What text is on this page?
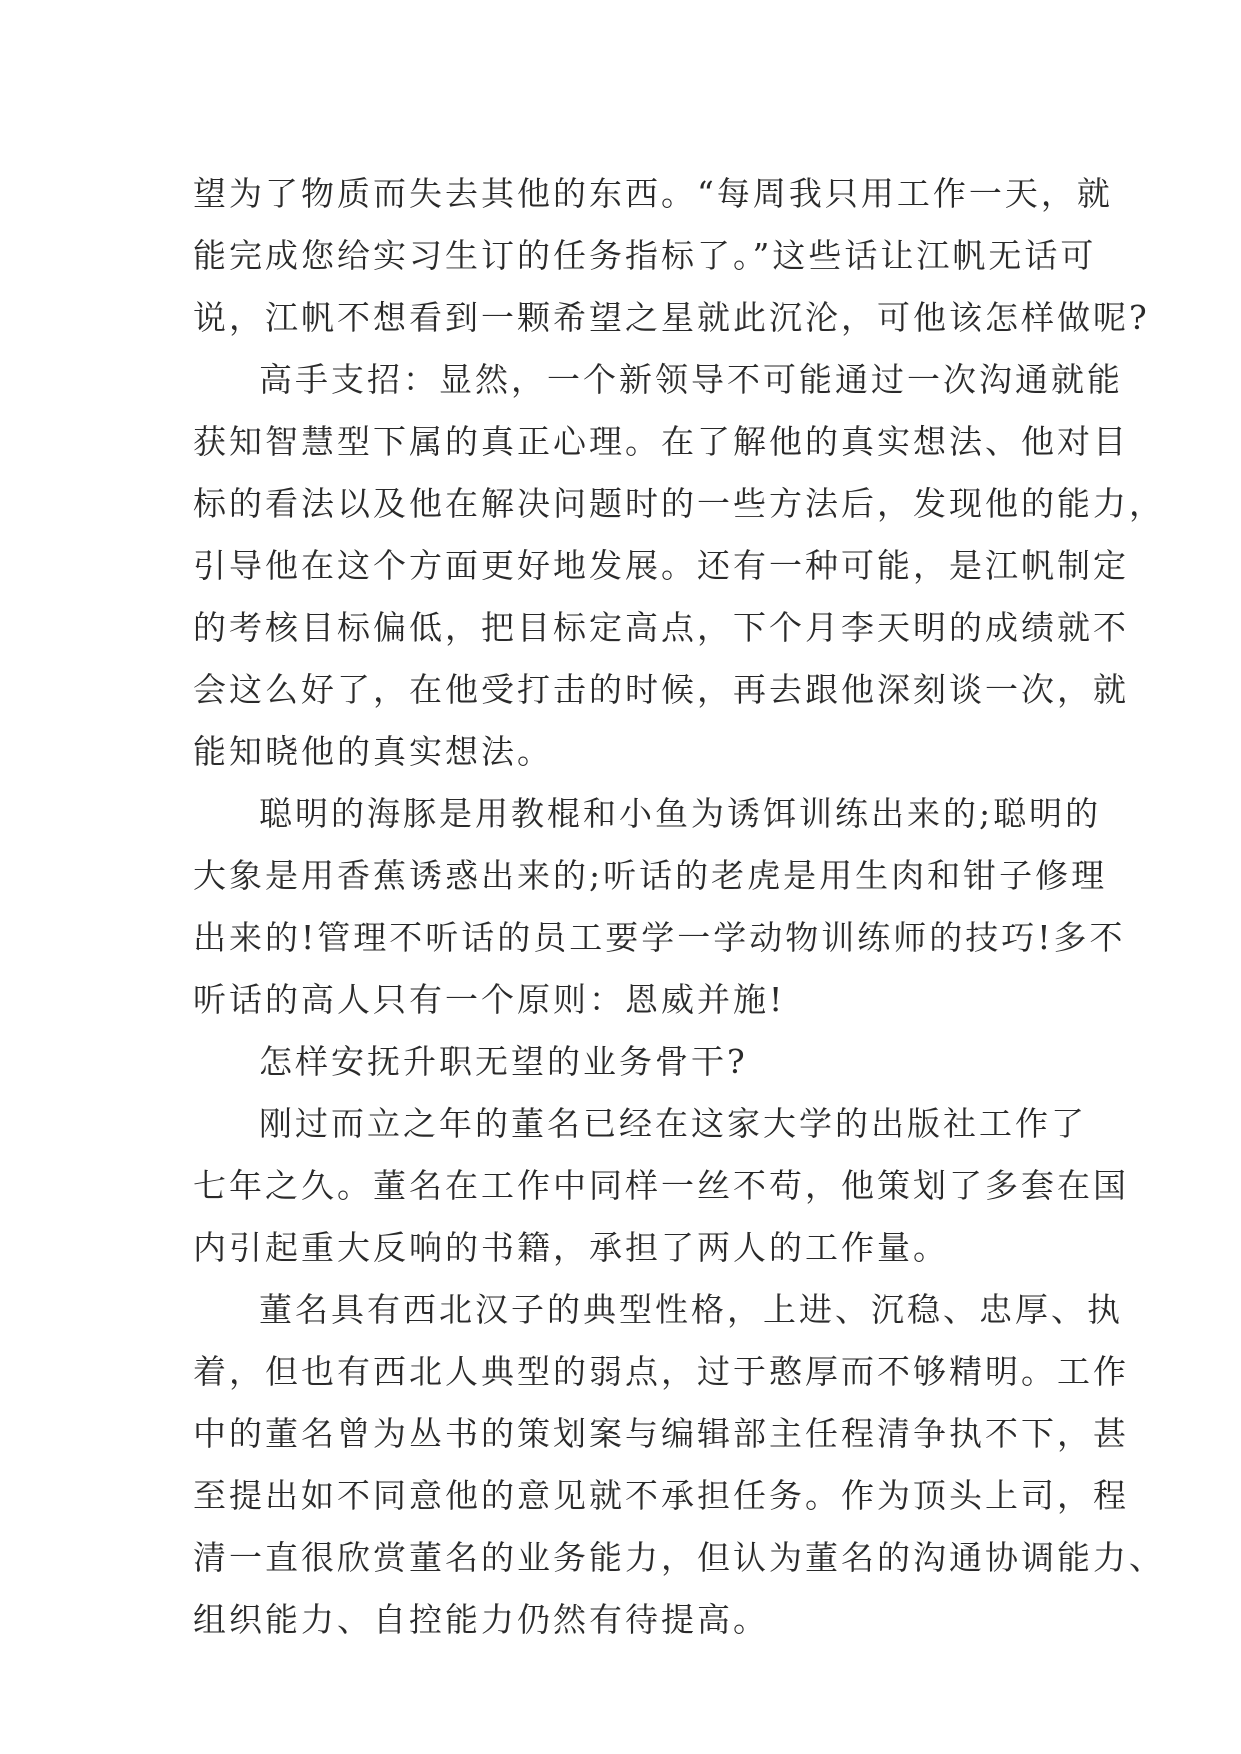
望为了物质而失去其他的东西。“每周我只用工作一天，就
能完成您给实习生订的任务指标了。”这些话让江帆无话可
说，江帆不想看到一颗希望之星就此沉沦，可他该怎样做呢?
高手支招：显然，一个新领导不可能通过一次沟通就能
获知智慧型下属的真正心理。在了解他的真实想法、他对目
标的看法以及他在解决问题时的一些方法后，发现他的能力，
引导他在这个方面更好地发展。还有一种可能，是江帆制定
的考核目标偏低，把目标定高点，下个月李天明的成绩就不
会这么好了，在他受打击的时候，再去跟他深刻谈一次，就
能知晓他的真实想法。
聪明的海豚是用教棍和小鱼为诱饵训练出来的;聪明的
大象是用香蕉诱惑出来的;听话的老虎是用生肉和钳子修理
出来的!管理不听话的员工要学一学动物训练师的技巧!多不
听话的高人只有一个原则：恩威并施!
怎样安抚升职无望的业务骨干?
刚过而立之年的董名已经在这家大学的出版社工作了
七年之久。董名在工作中同样一丝不苟，他策划了多套在国
内引起重大反响的书籍，承担了两人的工作量。
董名具有西北汉子的典型性格，上进、沉稳、忠厚、执
着，但也有西北人典型的弱点，过于憨厚而不够精明。工作
中的董名曾为丛书的策划案与编辑部主任程清争执不下，甚
至提出如不同意他的意见就不承担任务。作为顶头上司，程
清一直很欣赏董名的业务能力，但认为董名的沟通协调能力、
组织能力、自控能力仍然有待提高。
